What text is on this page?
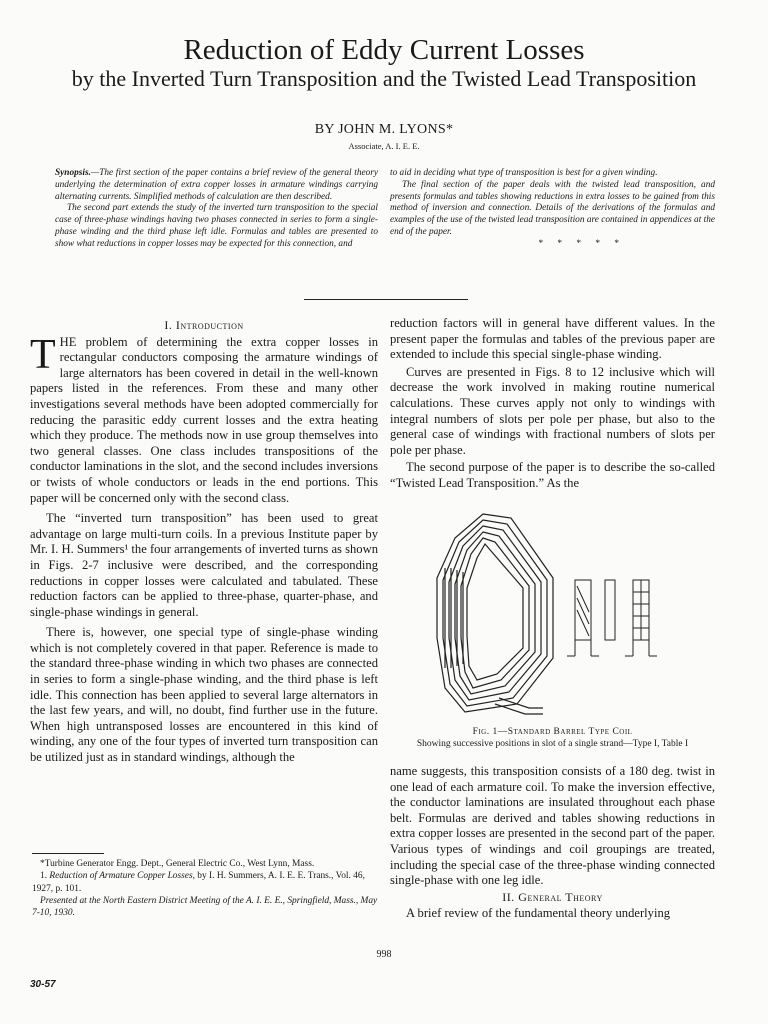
Reduction of Eddy Current Losses
by the Inverted Turn Transposition and the Twisted Lead Transposition
BY JOHN M. LYONS*
Associate, A. I. E. E.

Synopsis.—The first section of the paper contains a brief review of the general theory underlying the determination of extra copper losses in armature windings carrying alternating currents. Simplified methods of calculation are then described.

The second part extends the study of the inverted turn transposition to the special case of three-phase windings having two phases connected in series to form a single-phase winding and the third phase left idle. Formulas and tables are presented to show what reductions in copper losses may be expected for this connection, and

to aid in deciding what type of transposition is best for a given winding.

The final section of the paper deals with the twisted lead transposition, and presents formulas and tables showing reductions in extra losses to be gained from this method of inversion and connection. Details of the derivations of the formulas and examples of the use of the twisted lead transposition are contained in appendices at the end of the paper.

* * * * *
I. Introduction

THE problem of determining the extra copper losses in rectangular conductors composing the armature windings of large alternators has been covered in detail in the well-known papers listed in the references. From these and many other investigations several methods have been adopted commercially for reducing the parasitic eddy current losses and the extra heating which they produce. The methods now in use group themselves into two general classes. One class includes transpositions of the conductor laminations in the slot, and the second includes inversions or twists of whole conductors or leads in the end portions. This paper will be concerned only with the second class.

The “inverted turn transposition” has been used to great advantage on large multi-turn coils. In a previous Institute paper by Mr. I. H. Summers¹ the four arrangements of inverted turns as shown in Figs. 2-7 inclusive were described, and the corresponding reductions in copper losses were calculated and tabulated. These reduction factors can be applied to three-phase, quarter-phase, and single-phase windings in general.

There is, however, one special type of single-phase winding which is not completely covered in that paper. Reference is made to the standard three-phase winding in which two phases are connected in series to form a single-phase winding, and the third phase is left idle. This connection has been applied to several large alternators in the last few years, and will, no doubt, find further use in the future. When high untransposed losses are encountered in this kind of winding, any one of the four types of inverted turn transposition can be utilized just as in standard windings, although the

*Turbine Generator Engg. Dept., General Electric Co., West Lynn, Mass.

1. Reduction of Armature Copper Losses, by I. H. Summers, A. I. E. E. Trans., Vol. 46, 1927, p. 101.

Presented at the North Eastern District Meeting of the A. I. E. E., Springfield, Mass., May 7-10, 1930.

reduction factors will in general have different values. In the present paper the formulas and tables of the previous paper are extended to include this special single-phase winding.

Curves are presented in Figs. 8 to 12 inclusive which will decrease the work involved in making routine numerical calculations. These curves apply not only to windings with integral numbers of slots per pole per phase, but also to the general case of windings with fractional numbers of slots per pole per phase.

The second purpose of the paper is to describe the so-called “Twisted Lead Transposition.” As the

Fig. 1—Standard Barrel Type Coil
Showing successive positions in slot of a single strand—Type I, Table I

name suggests, this transposition consists of a 180 deg. twist in one lead of each armature coil. To make the inversion effective, the conductor laminations are insulated throughout each phase belt. Formulas are derived and tables showing reductions in extra copper losses are presented in the second part of the paper. Various types of windings and coil groupings are treated, including the special case of the three-phase winding connected single-phase with one leg idle.

II. General Theory

A brief review of the fundamental theory underlying

998
30-57
